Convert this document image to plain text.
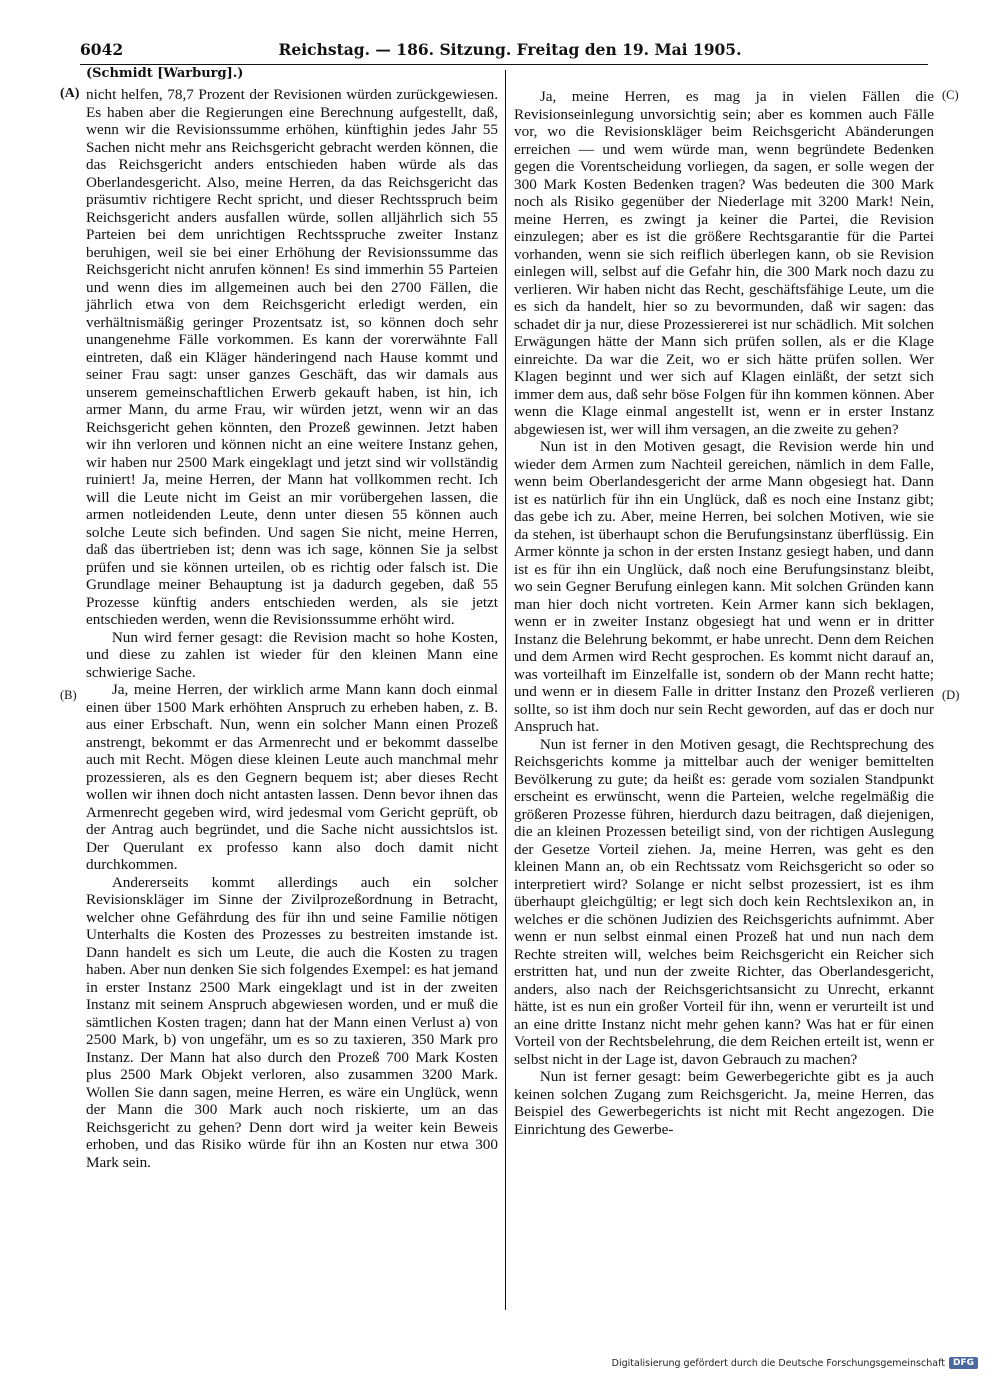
6042	Reichstag. — 186. Sitzung. Freitag den 19. Mai 1905.
(Schmidt [Warburg].)
(A)
(B)
(C)
(D)

nicht helfen, 78,7 Prozent der Revisionen würden zurückgewiesen. Es haben aber die Regierungen eine Berechnung aufgestellt, daß, wenn wir die Revisionssumme erhöhen, künftighin jedes Jahr 55 Sachen nicht mehr ans Reichsgericht gebracht werden können, die das Reichsgericht anders entschieden haben würde als das Oberlandesgericht. Also, meine Herren, da das Reichsgericht das präsumtiv richtigere Recht spricht, und dieser Rechtsspruch beim Reichsgericht anders ausfallen würde, sollen alljährlich sich 55 Parteien bei dem unrichtigen Rechtsspruche zweiter Instanz beruhigen, weil sie bei einer Erhöhung der Revisionssumme das Reichsgericht nicht anrufen können! Es sind immerhin 55 Parteien und wenn dies im allgemeinen auch bei den 2700 Fällen, die jährlich etwa von dem Reichsgericht erledigt werden, ein verhältnismäßig geringer Prozentsatz ist, so können doch sehr unangenehme Fälle vorkommen. Es kann der vorerwähnte Fall eintreten, daß ein Kläger händeringend nach Hause kommt und seiner Frau sagt: unser ganzes Geschäft, das wir damals aus unserem gemeinschaftlichen Erwerb gekauft haben, ist hin, ich armer Mann, du arme Frau, wir würden jetzt, wenn wir an das Reichsgericht gehen könnten, den Prozeß gewinnen. Jetzt haben wir ihn verloren und können nicht an eine weitere Instanz gehen, wir haben nur 2500 Mark eingeklagt und jetzt sind wir vollständig ruiniert! Ja, meine Herren, der Mann hat vollkommen recht. Ich will die Leute nicht im Geist an mir vorübergehen lassen, die armen notleidenden Leute, denn unter diesen 55 können auch solche Leute sich befinden. Und sagen Sie nicht, meine Herren, daß das übertrieben ist; denn was ich sage, können Sie ja selbst prüfen und sie können urteilen, ob es richtig oder falsch ist. Die Grundlage meiner Behauptung ist ja dadurch gegeben, daß 55 Prozesse künftig anders entschieden werden, als sie jetzt entschieden werden, wenn die Revisionssumme erhöht wird.

Nun wird ferner gesagt: die Revision macht so hohe Kosten, und diese zu zahlen ist wieder für den kleinen Mann eine schwierige Sache.

Ja, meine Herren, der wirklich arme Mann kann doch einmal einen über 1500 Mark erhöhten Anspruch zu erheben haben, z. B. aus einer Erbschaft. Nun, wenn ein solcher Mann einen Prozeß anstrengt, bekommt er das Armenrecht und er bekommt dasselbe auch mit Recht. Mögen diese kleinen Leute auch manchmal mehr prozessieren, als es den Gegnern bequem ist; aber dieses Recht wollen wir ihnen doch nicht antasten lassen. Denn bevor ihnen das Armenrecht gegeben wird, wird jedesmal vom Gericht geprüft, ob der Antrag auch begründet, und die Sache nicht aussichtslos ist. Der Querulant ex professo kann also doch damit nicht durchkommen.

Andererseits kommt allerdings auch ein solcher Revisionskläger im Sinne der Zivilprozeßordnung in Betracht, welcher ohne Gefährdung des für ihn und seine Familie nötigen Unterhalts die Kosten des Prozesses zu bestreiten imstande ist. Dann handelt es sich um Leute, die auch die Kosten zu tragen haben. Aber nun denken Sie sich folgendes Exempel: es hat jemand in erster Instanz 2500 Mark eingeklagt und ist in der zweiten Instanz mit seinem Anspruch abgewiesen worden, und er muß die sämtlichen Kosten tragen; dann hat der Mann einen Verlust a) von 2500 Mark, b) von ungefähr, um es so zu taxieren, 350 Mark pro Instanz. Der Mann hat also durch den Prozeß 700 Mark Kosten plus 2500 Mark Objekt verloren, also zusammen 3200 Mark. Wollen Sie dann sagen, meine Herren, es wäre ein Unglück, wenn der Mann die 300 Mark auch noch riskierte, um an das Reichsgericht zu gehen? Denn dort wird ja weiter kein Beweis erhoben, und das Risiko würde für ihn an Kosten nur etwa 300 Mark sein.

Ja, meine Herren, es mag ja in vielen Fällen die Revisionseinlegung unvorsichtig sein; aber es kommen auch Fälle vor, wo die Revisionskläger beim Reichsgericht Abänderungen erreichen — und wem würde man, wenn begründete Bedenken gegen die Vorentscheidung vorliegen, da sagen, er solle wegen der 300 Mark Kosten Bedenken tragen? Was bedeuten die 300 Mark noch als Risiko gegenüber der Niederlage mit 3200 Mark! Nein, meine Herren, es zwingt ja keiner die Partei, die Revision einzulegen; aber es ist die größere Rechtsgarantie für die Partei vorhanden, wenn sie sich reiflich überlegen kann, ob sie Revision einlegen will, selbst auf die Gefahr hin, die 300 Mark noch dazu zu verlieren. Wir haben nicht das Recht, geschäftsfähige Leute, um die es sich da handelt, hier so zu bevormunden, daß wir sagen: das schadet dir ja nur, diese Prozessiererei ist nur schädlich. Mit solchen Erwägungen hätte der Mann sich prüfen sollen, als er die Klage einreichte. Da war die Zeit, wo er sich hätte prüfen sollen. Wer Klagen beginnt und wer sich auf Klagen einläßt, der setzt sich immer dem aus, daß sehr böse Folgen für ihn kommen können. Aber wenn die Klage einmal angestellt ist, wenn er in erster Instanz abgewiesen ist, wer will ihm versagen, an die zweite zu gehen?

Nun ist in den Motiven gesagt, die Revision werde hin und wieder dem Armen zum Nachteil gereichen, nämlich in dem Falle, wenn beim Oberlandesgericht der arme Mann obgesiegt hat. Dann ist es natürlich für ihn ein Unglück, daß es noch eine Instanz gibt; das gebe ich zu. Aber, meine Herren, bei solchen Motiven, wie sie da stehen, ist überhaupt schon die Berufungsinstanz überflüssig. Ein Armer könnte ja schon in der ersten Instanz gesiegt haben, und dann ist es für ihn ein Unglück, daß noch eine Berufungsinstanz bleibt, wo sein Gegner Berufung einlegen kann. Mit solchen Gründen kann man hier doch nicht vortreten. Kein Armer kann sich beklagen, wenn er in zweiter Instanz obgesiegt hat und wenn er in dritter Instanz die Belehrung bekommt, er habe unrecht. Denn dem Reichen und dem Armen wird Recht gesprochen. Es kommt nicht darauf an, was vorteilhaft im Einzelfalle ist, sondern ob der Mann recht hatte; und wenn er in diesem Falle in dritter Instanz den Prozeß verlieren sollte, so ist ihm doch nur sein Recht geworden, auf das er doch nur Anspruch hat.

Nun ist ferner in den Motiven gesagt, die Rechtsprechung des Reichsgerichts komme ja mittelbar auch der weniger bemittelten Bevölkerung zu gute; da heißt es: gerade vom sozialen Standpunkt erscheint es erwünscht, wenn die Parteien, welche regelmäßig die größeren Prozesse führen, hierdurch dazu beitragen, daß diejenigen, die an kleinen Prozessen beteiligt sind, von der richtigen Auslegung der Gesetze Vorteil ziehen. Ja, meine Herren, was geht es den kleinen Mann an, ob ein Rechtssatz vom Reichsgericht so oder so interpretiert wird? Solange er nicht selbst prozessiert, ist es ihm überhaupt gleichgültig; er legt sich doch kein Rechtslexikon an, in welches er die schönen Judizien des Reichsgerichts aufnimmt. Aber wenn er nun selbst einmal einen Prozeß hat und nun nach dem Rechte streiten will, welches beim Reichsgericht ein Reicher sich erstritten hat, und nun der zweite Richter, das Oberlandesgericht, anders, also nach der Reichsgerichtsansicht zu Unrecht, erkannt hätte, ist es nun ein großer Vorteil für ihn, wenn er verurteilt ist und an eine dritte Instanz nicht mehr gehen kann? Was hat er für einen Vorteil von der Rechtsbelehrung, die dem Reichen erteilt ist, wenn er selbst nicht in der Lage ist, davon Gebrauch zu machen?

Nun ist ferner gesagt: beim Gewerbegerichte gibt es ja auch keinen solchen Zugang zum Reichsgericht. Ja, meine Herren, das Beispiel des Gewerbegerichts ist nicht mit Recht angezogen. Die Einrichtung des Gewerbe-

Digitalisierung gefördert durch die Deutsche Forschungsgemeinschaft DFG
